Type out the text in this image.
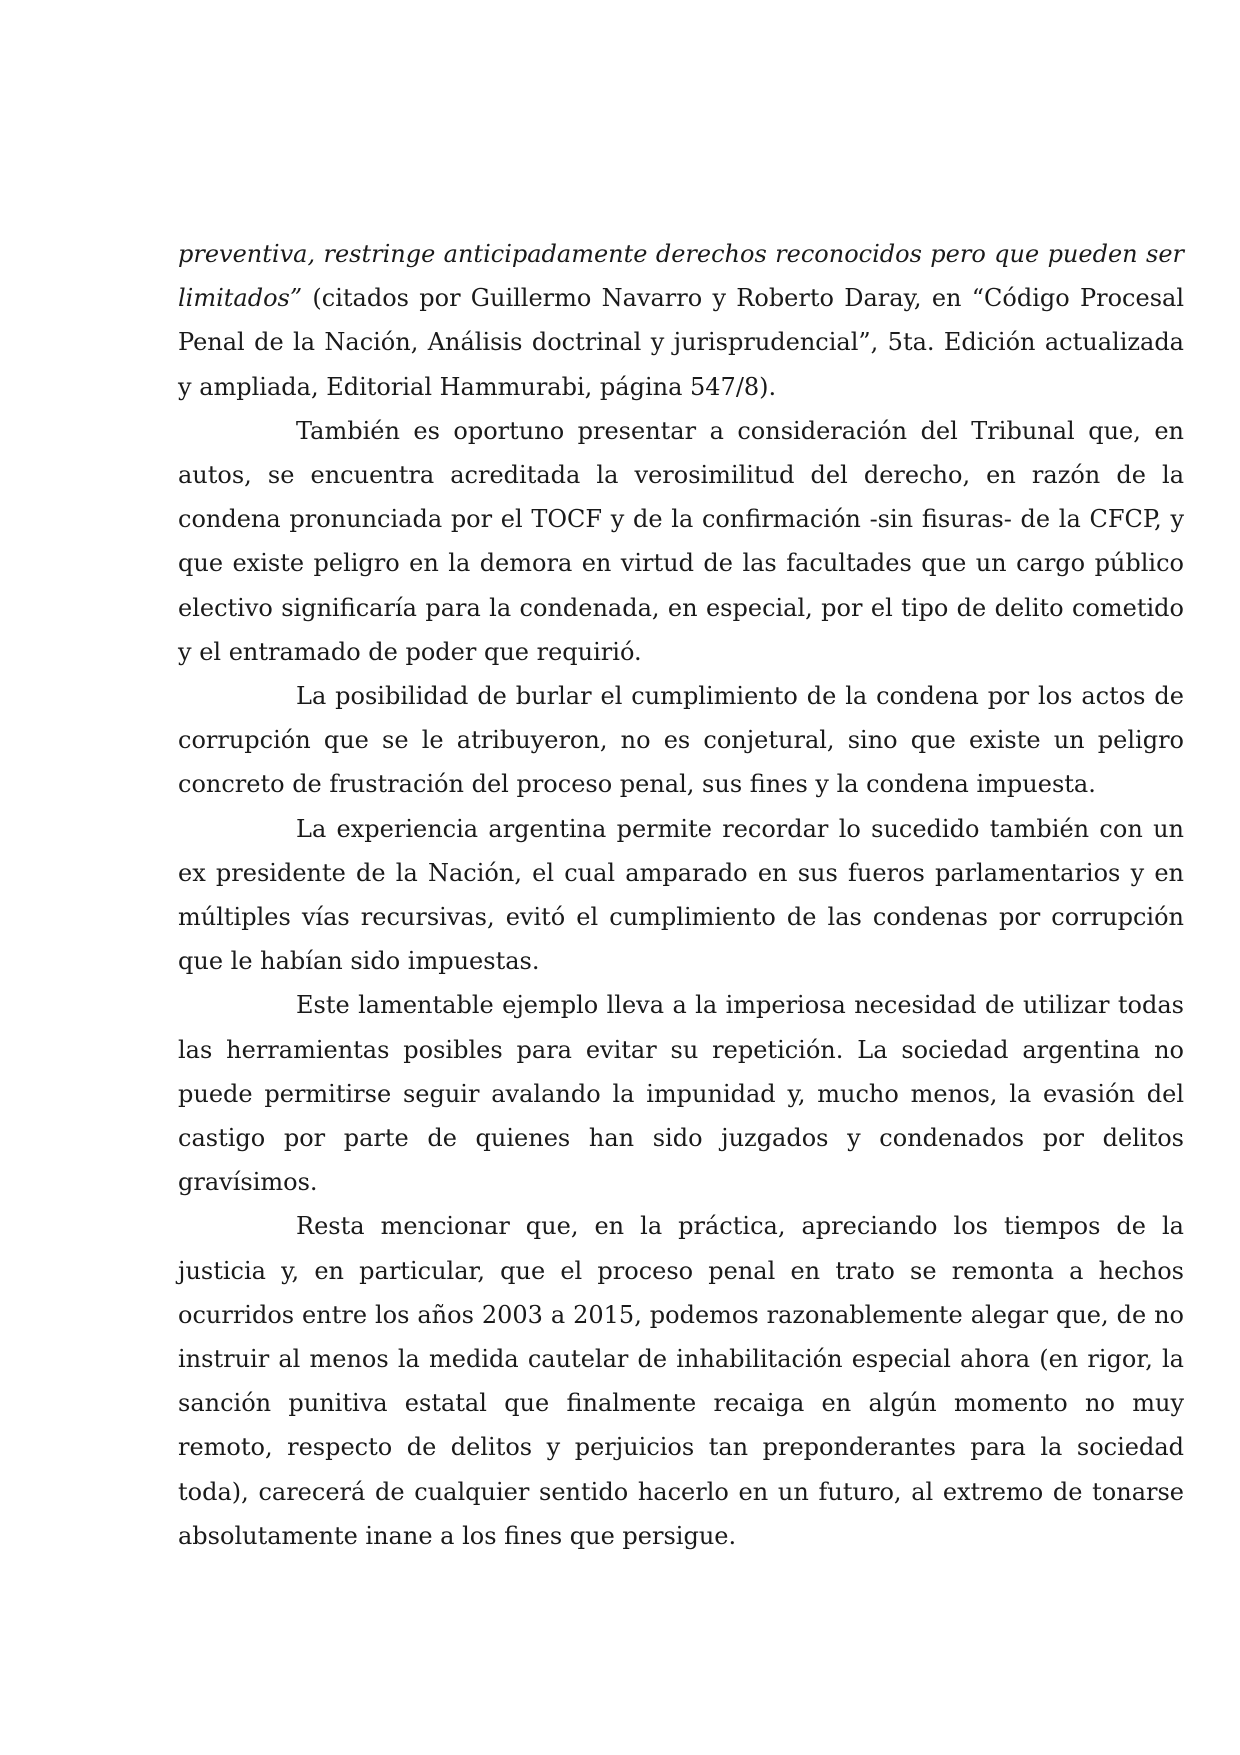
preventiva, restringe anticipadamente derechos reconocidos pero que pueden ser limitados” (citados por Guillermo Navarro y Roberto Daray, en “Código Procesal Penal de la Nación, Análisis doctrinal y jurisprudencial”, 5ta. Edición actualizada y ampliada, Editorial Hammurabi, página 547/8).

También es oportuno presentar a consideración del Tribunal que, en autos, se encuentra acreditada la verosimilitud del derecho, en razón de la condena pronunciada por el TOCF y de la confirmación -sin fisuras- de la CFCP, y que existe peligro en la demora en virtud de las facultades que un cargo público electivo significaría para la condenada, en especial, por el tipo de delito cometido y el entramado de poder que requirió.

La posibilidad de burlar el cumplimiento de la condena por los actos de corrupción que se le atribuyeron, no es conjetural, sino que existe un peligro concreto de frustración del proceso penal, sus fines y la condena impuesta.

La experiencia argentina permite recordar lo sucedido también con un ex presidente de la Nación, el cual amparado en sus fueros parlamentarios y en múltiples vías recursivas, evitó el cumplimiento de las condenas por corrupción que le habían sido impuestas.

Este lamentable ejemplo lleva a la imperiosa necesidad de utilizar todas las herramientas posibles para evitar su repetición. La sociedad argentina no puede permitirse seguir avalando la impunidad y, mucho menos, la evasión del castigo por parte de quienes han sido juzgados y condenados por delitos gravísimos.

Resta mencionar que, en la práctica, apreciando los tiempos de la justicia y, en particular, que el proceso penal en trato se remonta a hechos ocurridos entre los años 2003 a 2015, podemos razonablemente alegar que, de no instruir al menos la medida cautelar de inhabilitación especial ahora (en rigor, la sanción punitiva estatal que finalmente recaiga en algún momento no muy remoto, respecto de delitos y perjuicios tan preponderantes para la sociedad toda), carecerá de cualquier sentido hacerlo en un futuro, al extremo de tonarse absolutamente inane a los fines que persigue.
